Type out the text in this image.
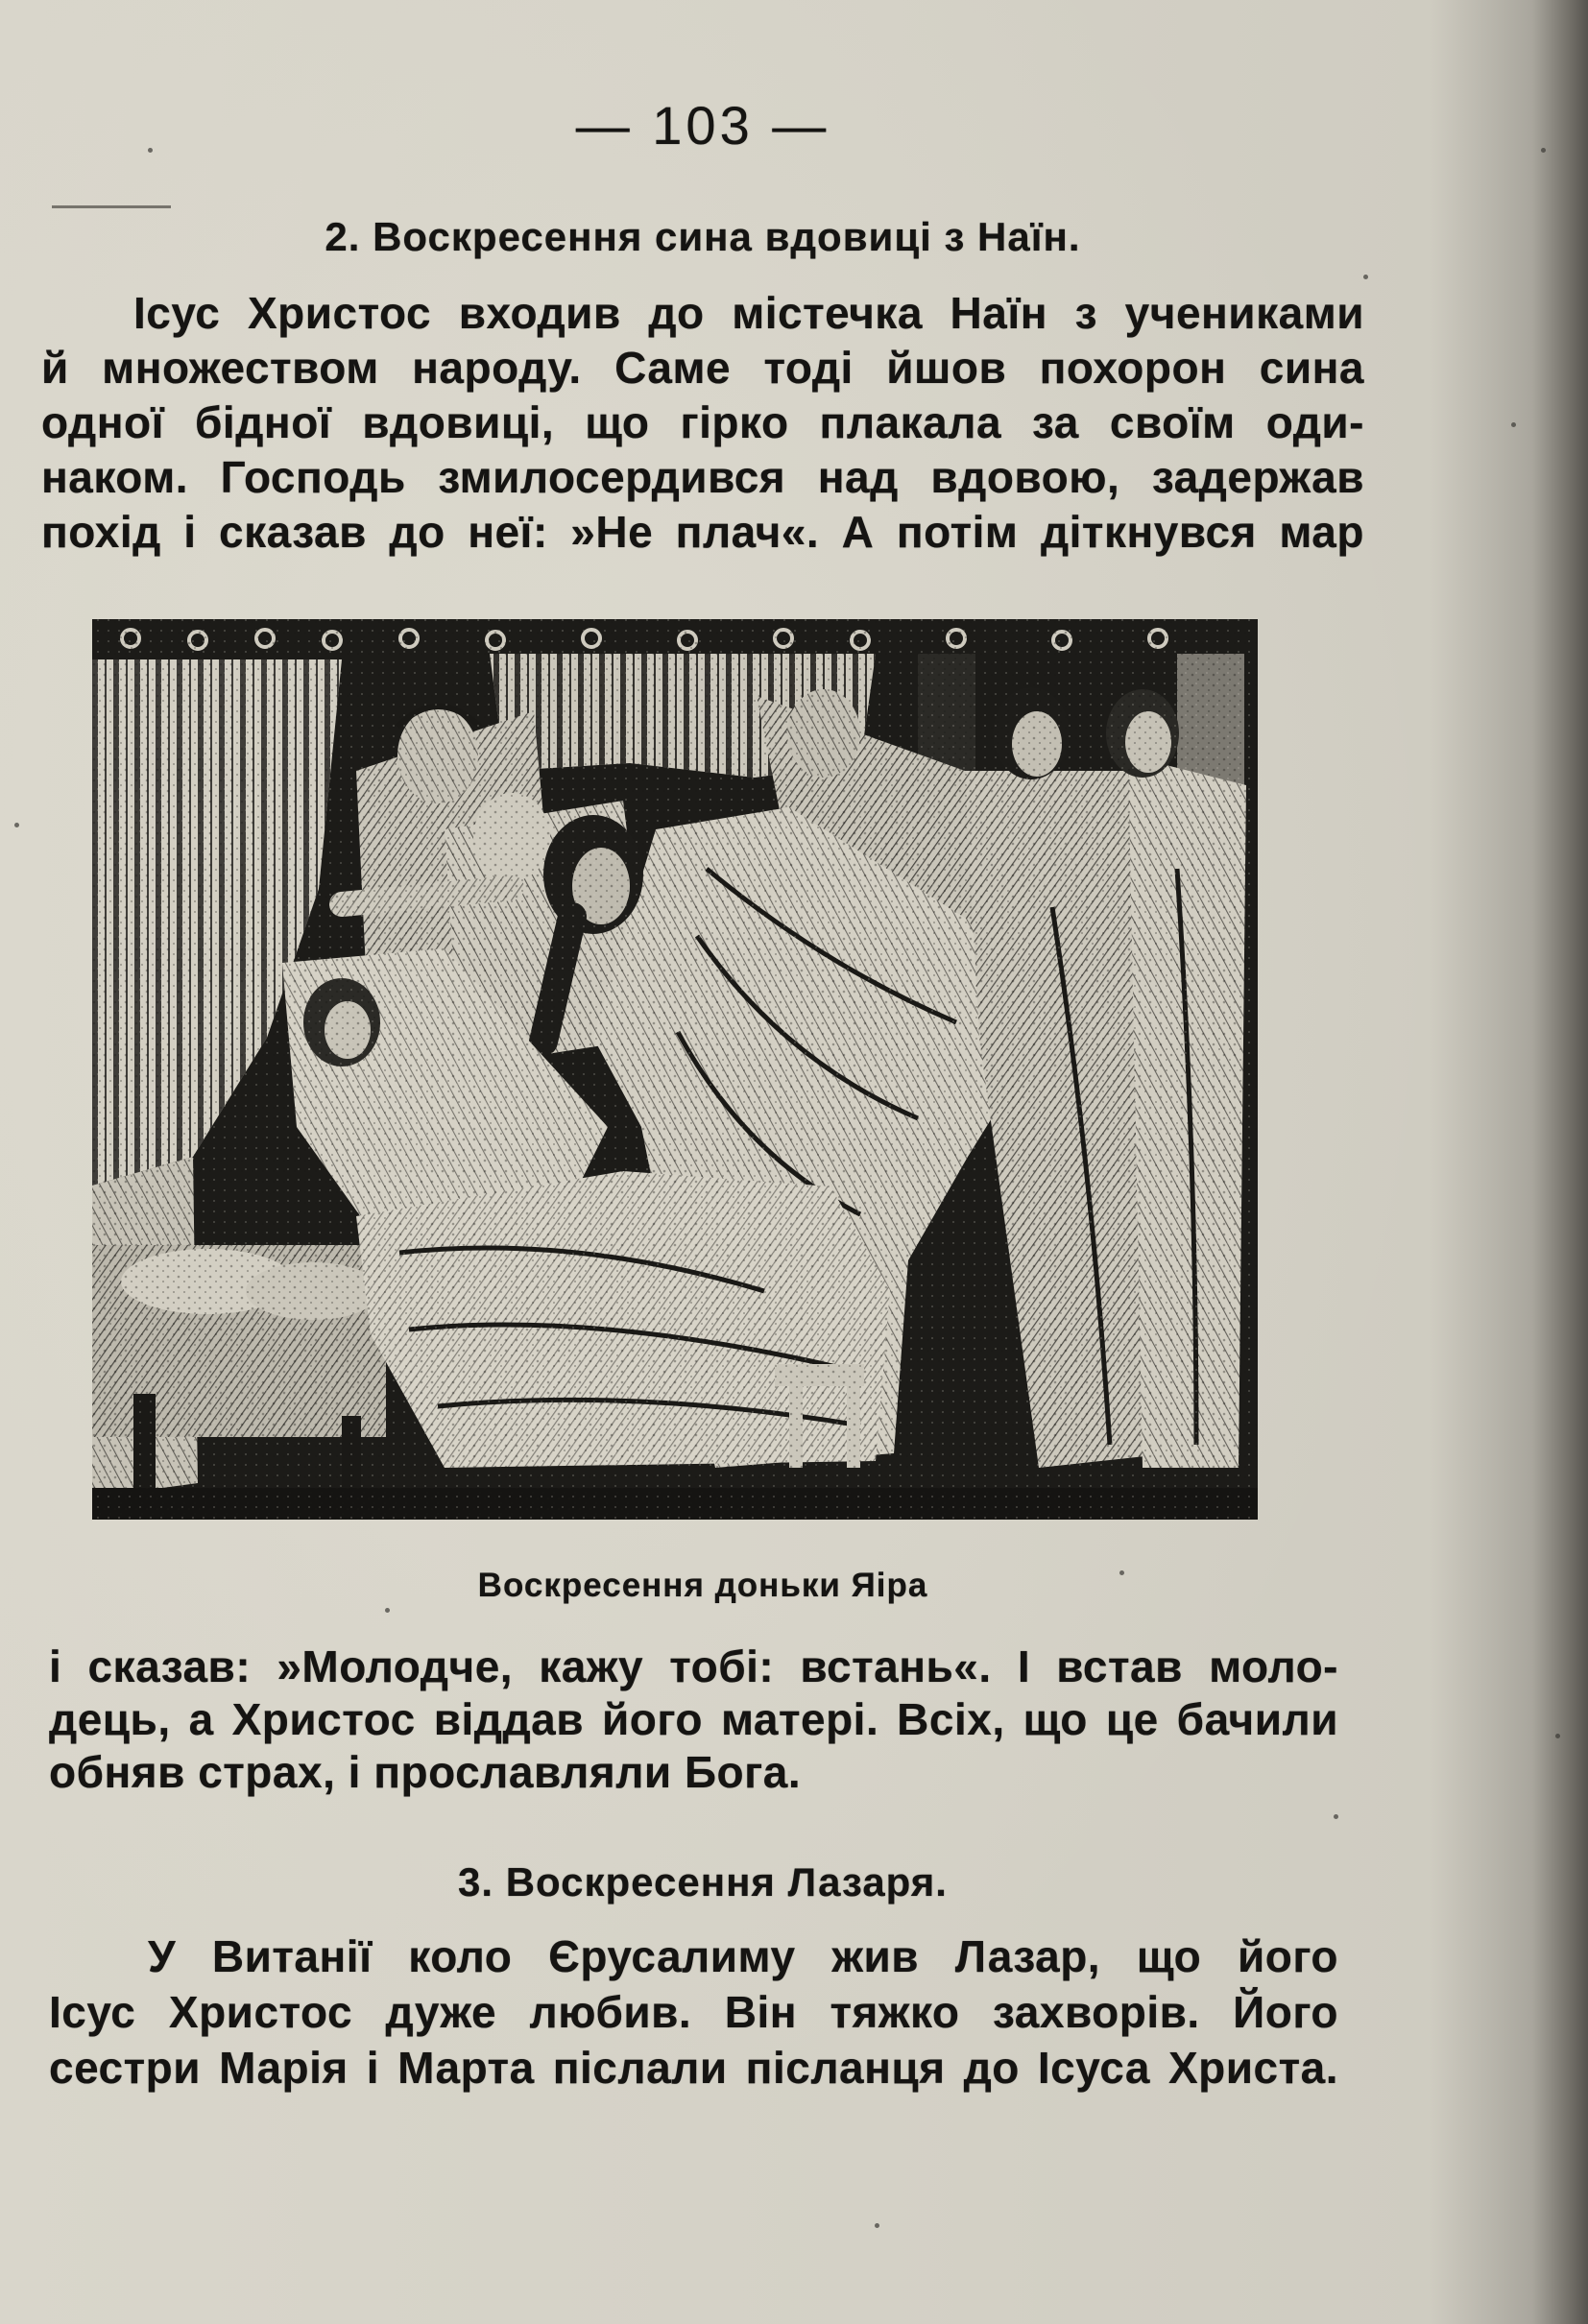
— 103 —
2. Воскресення сина вдовиці з Наїн.
Ісус Христос входив до містечка Наїн з учениками
й множеством народу. Саме тоді йшов похорон сина
одної бідної вдовиці, що гірко плакала за своїм оди-
наком. Господь змилосердився над вдовою, задержав
похід і сказав до неї: »Не плач«. А потім діткнувся мар
Воскресення доньки Яіра
і сказав: »Молодче, кажу тобі: встань«. І встав моло-
дець, а Христос віддав його матері. Всіх, що це бачили
обняв страх, і прославляли Бога.
3. Воскресення Лазаря.
У Витанії коло Єрусалиму жив Лазар, що його
Ісус Христос дуже любив. Він тяжко захворів. Його
сестри Марія і Марта післали післанця до Ісуса Христа.
